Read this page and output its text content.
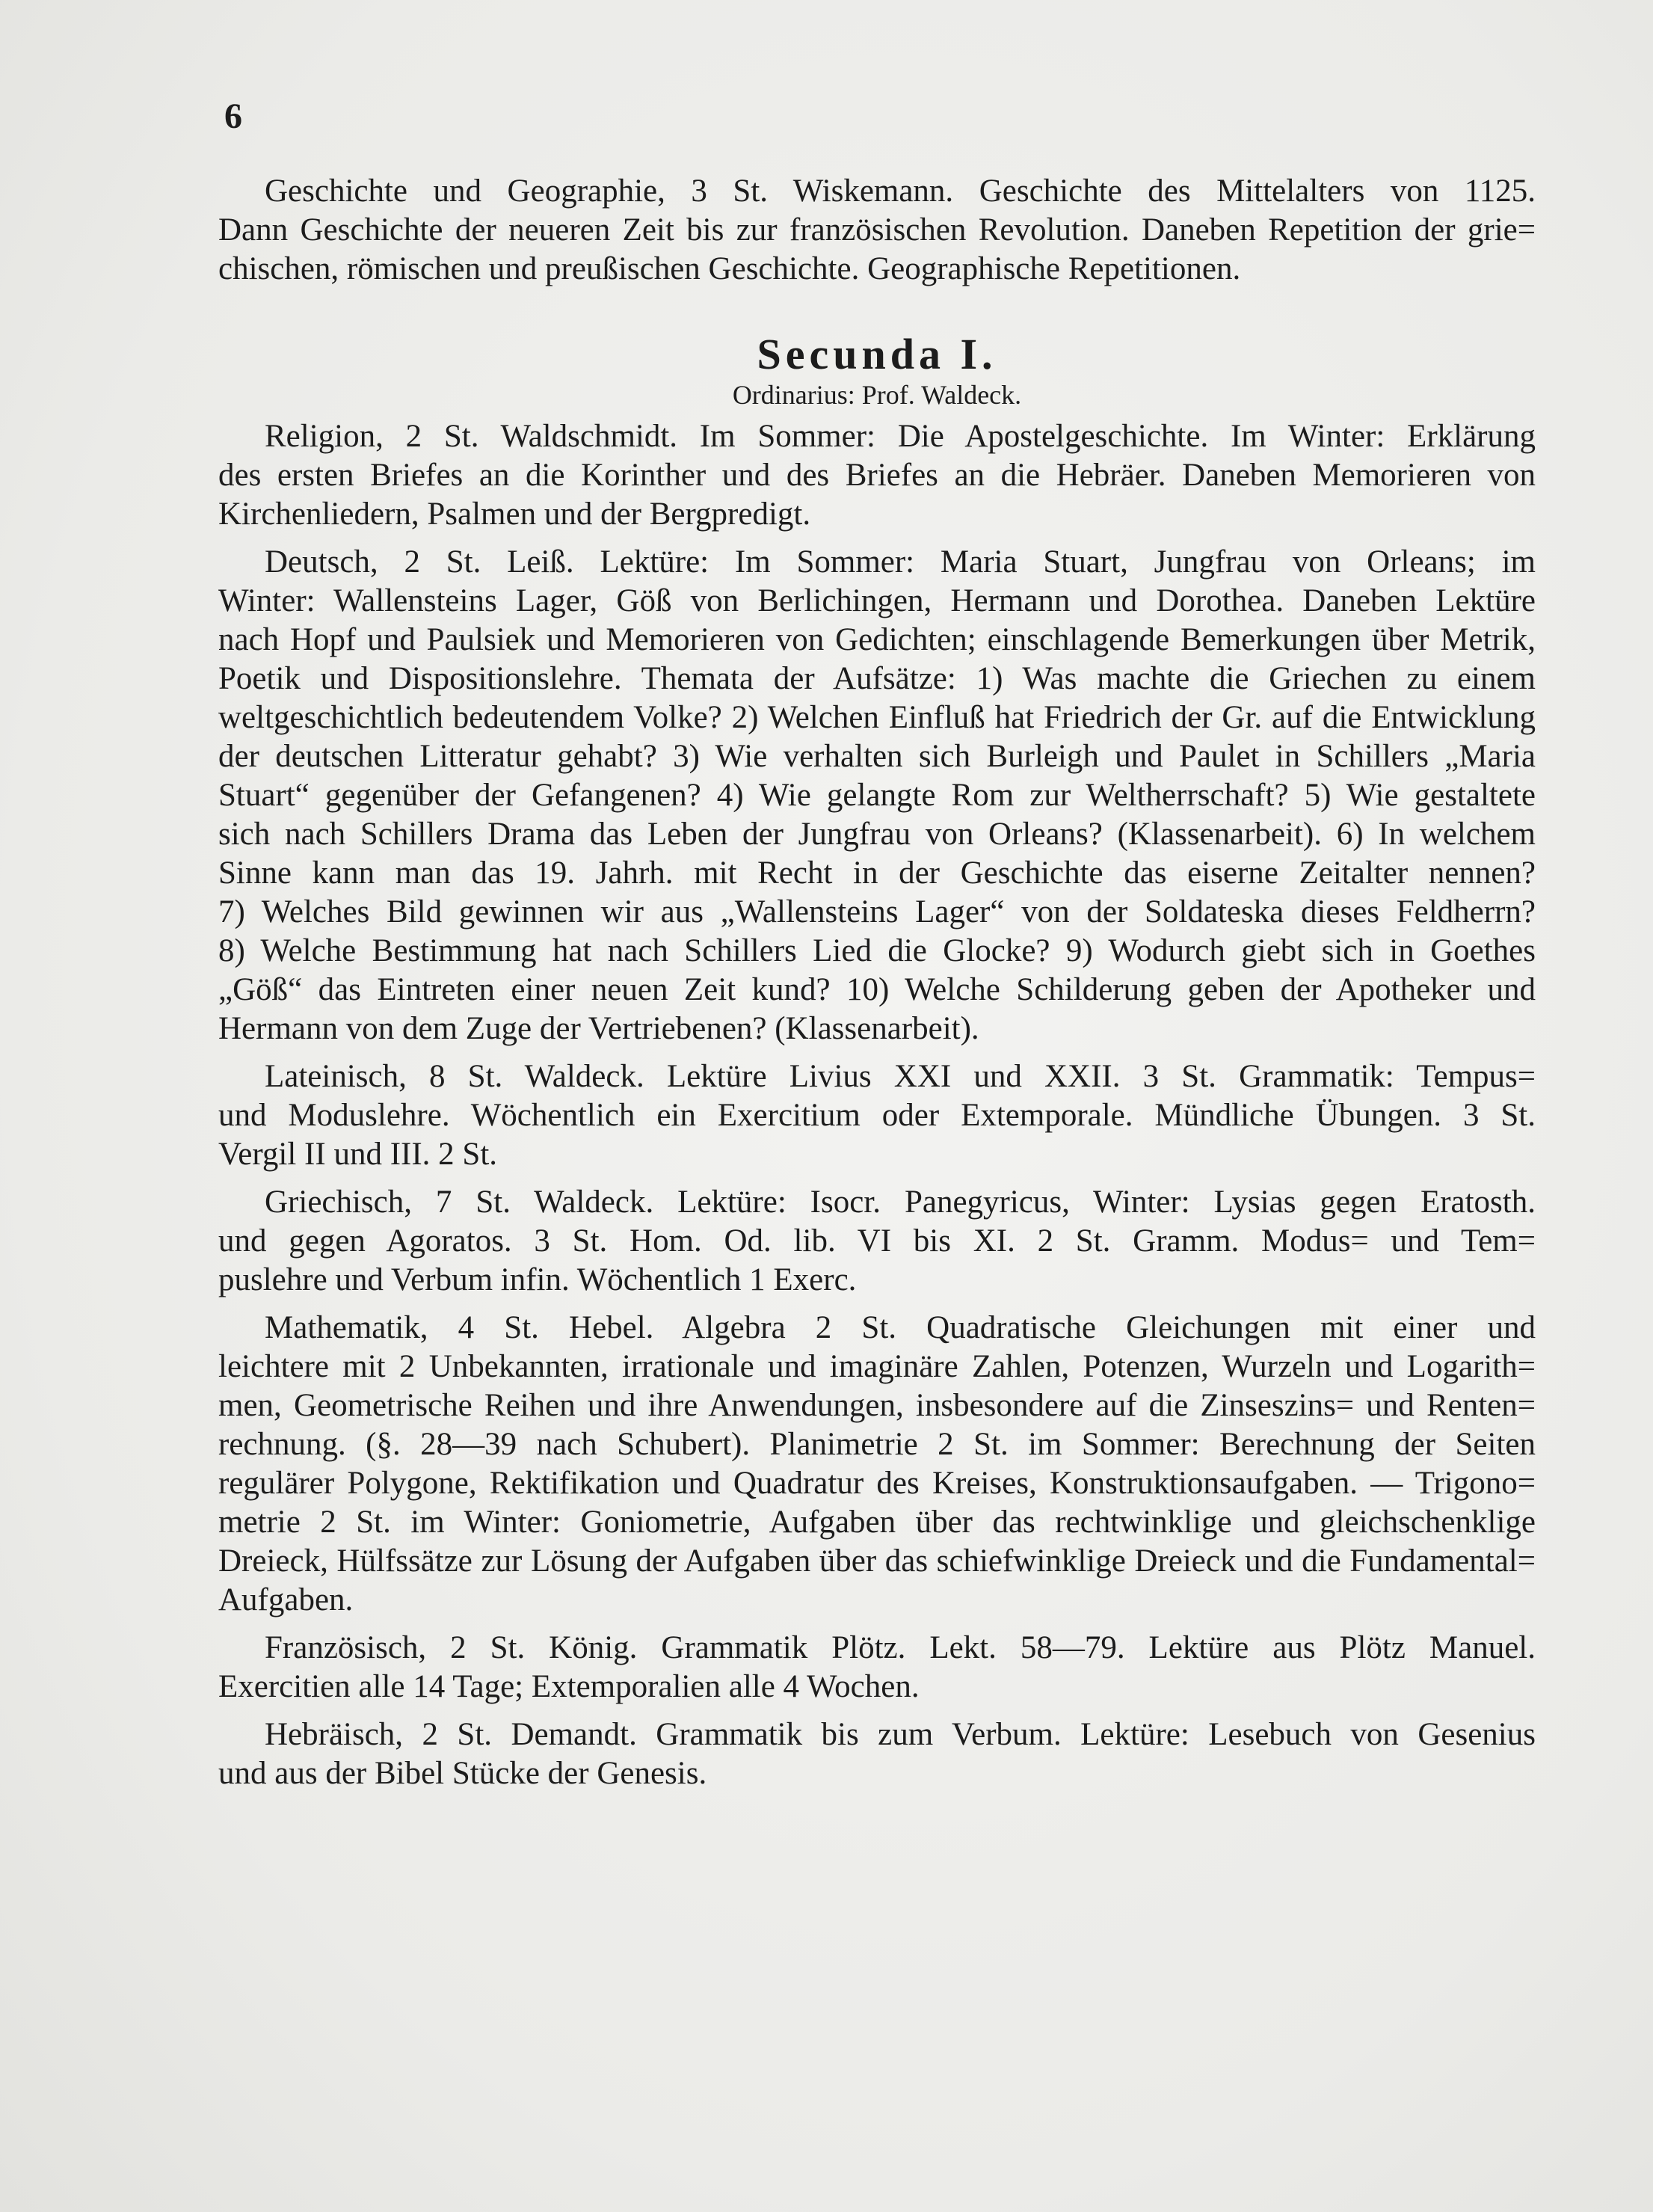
6
Geschichte und Geographie, 3 St. Wiskemann. Geschichte des Mittelalters von 1125.
Dann Geschichte der neueren Zeit bis zur französischen Revolution. Daneben Repetition der grie=
chischen, römischen und preußischen Geschichte. Geographische Repetitionen.
Secunda I.
Ordinarius: Prof. Waldeck.
Religion, 2 St. Waldschmidt. Im Sommer: Die Apostelgeschichte. Im Winter: Erklärung
des ersten Briefes an die Korinther und des Briefes an die Hebräer. Daneben Memorieren von
Kirchenliedern, Psalmen und der Bergpredigt.
Deutsch, 2 St. Leiß. Lektüre: Im Sommer: Maria Stuart, Jungfrau von Orleans; im
Winter: Wallensteins Lager, Göß von Berlichingen, Hermann und Dorothea. Daneben Lektüre
nach Hopf und Paulsiek und Memorieren von Gedichten; einschlagende Bemerkungen über Metrik,
Poetik und Dispositionslehre. Themata der Aufsätze: 1) Was machte die Griechen zu einem
weltgeschichtlich bedeutendem Volke? 2) Welchen Einfluß hat Friedrich der Gr. auf die Entwicklung
der deutschen Litteratur gehabt? 3) Wie verhalten sich Burleigh und Paulet in Schillers „Maria
Stuart“ gegenüber der Gefangenen? 4) Wie gelangte Rom zur Weltherrschaft? 5) Wie gestaltete
sich nach Schillers Drama das Leben der Jungfrau von Orleans? (Klassenarbeit). 6) In welchem
Sinne kann man das 19. Jahrh. mit Recht in der Geschichte das eiserne Zeitalter nennen?
7) Welches Bild gewinnen wir aus „Wallensteins Lager“ von der Soldateska dieses Feldherrn?
8) Welche Bestimmung hat nach Schillers Lied die Glocke? 9) Wodurch giebt sich in Goethes
„Göß“ das Eintreten einer neuen Zeit kund? 10) Welche Schilderung geben der Apotheker und
Hermann von dem Zuge der Vertriebenen? (Klassenarbeit).
Lateinisch, 8 St. Waldeck. Lektüre Livius XXI und XXII. 3 St. Grammatik: Tempus=
und Moduslehre. Wöchentlich ein Exercitium oder Extemporale. Mündliche Übungen. 3 St.
Vergil II und III. 2 St.
Griechisch, 7 St. Waldeck. Lektüre: Isocr. Panegyricus, Winter: Lysias gegen Eratosth.
und gegen Agoratos. 3 St. Hom. Od. lib. VI bis XI. 2 St. Gramm. Modus= und Tem=
puslehre und Verbum infin. Wöchentlich 1 Exerc.
Mathematik, 4 St. Hebel. Algebra 2 St. Quadratische Gleichungen mit einer und
leichtere mit 2 Unbekannten, irrationale und imaginäre Zahlen, Potenzen, Wurzeln und Logarith=
men, Geometrische Reihen und ihre Anwendungen, insbesondere auf die Zinseszins= und Renten=
rechnung. (§. 28—39 nach Schubert). Planimetrie 2 St. im Sommer: Berechnung der Seiten
regulärer Polygone, Rektifikation und Quadratur des Kreises, Konstruktionsaufgaben. — Trigono=
metrie 2 St. im Winter: Goniometrie, Aufgaben über das rechtwinklige und gleichschenklige
Dreieck, Hülfssätze zur Lösung der Aufgaben über das schiefwinklige Dreieck und die Fundamental=
Aufgaben.
Französisch, 2 St. König. Grammatik Plötz. Lekt. 58—79. Lektüre aus Plötz Manuel.
Exercitien alle 14 Tage; Extemporalien alle 4 Wochen.
Hebräisch, 2 St. Demandt. Grammatik bis zum Verbum. Lektüre: Lesebuch von Gesenius
und aus der Bibel Stücke der Genesis.
